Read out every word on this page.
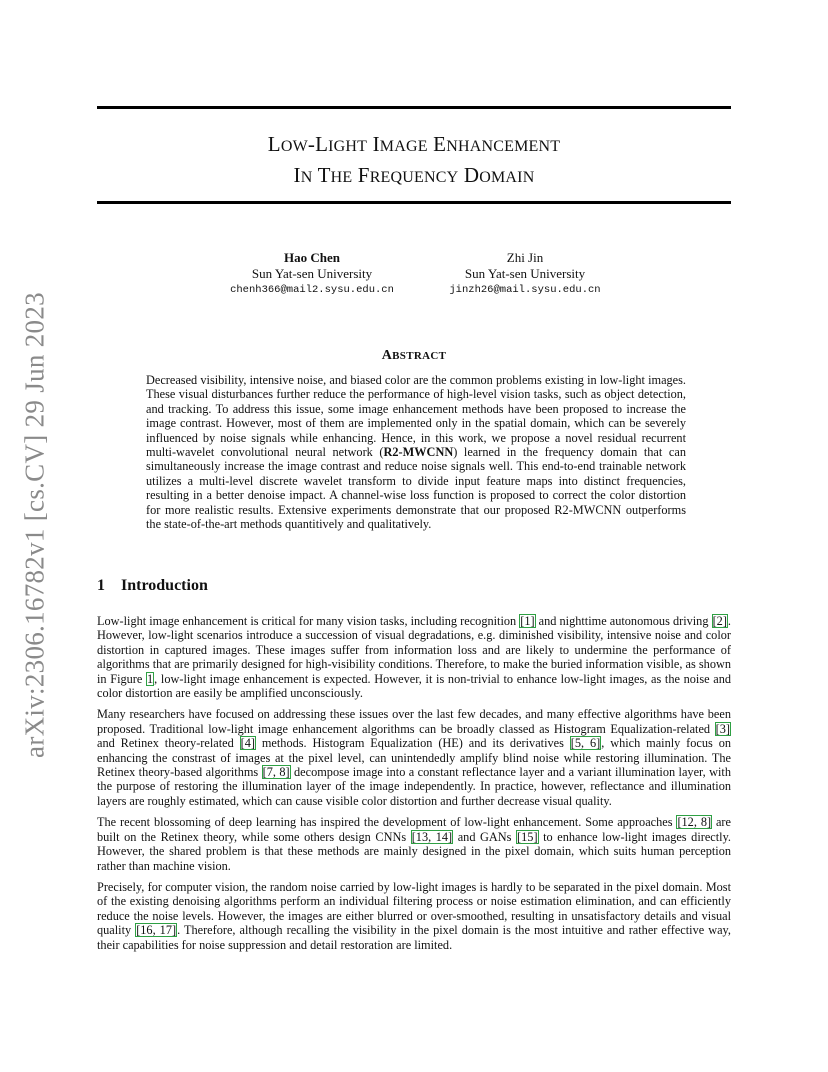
arXiv:2306.16782v1 [cs.CV] 29 Jun 2023
LOW-LIGHT IMAGE ENHANCEMENT
IN THE FREQUENCY DOMAIN
Hao Chen
Sun Yat-sen University
chenh366@mail2.sysu.edu.cn
Zhi Jin
Sun Yat-sen University
jinzh26@mail.sysu.edu.cn
ABSTRACT
Decreased visibility, intensive noise, and biased color are the common problems existing in low-light images. These visual disturbances further reduce the performance of high-level vision tasks, such as object detection, and tracking. To address this issue, some image enhancement methods have been proposed to increase the image contrast. However, most of them are implemented only in the spatial domain, which can be severely influenced by noise signals while enhancing. Hence, in this work, we propose a novel residual recurrent multi-wavelet convolutional neural network (R2-MWCNN) learned in the frequency domain that can simultaneously increase the image contrast and reduce noise signals well. This end-to-end trainable network utilizes a multi-level discrete wavelet transform to divide input feature maps into distinct frequencies, resulting in a better denoise impact. A channel-wise loss function is proposed to correct the color distortion for more realistic results. Extensive experiments demonstrate that our proposed R2-MWCNN outperforms the state-of-the-art methods quantitively and qualitatively.
1 Introduction

Low-light image enhancement is critical for many vision tasks, including recognition [1] and nighttime autonomous driving [2]. However, low-light scenarios introduce a succession of visual degradations, e.g. diminished visibility, intensive noise and color distortion in captured images. These images suffer from information loss and are likely to undermine the performance of algorithms that are primarily designed for high-visibility conditions. Therefore, to make the buried information visible, as shown in Figure 1, low-light image enhancement is expected. However, it is non-trivial to enhance low-light images, as the noise and color distortion are easily be amplified unconsciously.

Many researchers have focused on addressing these issues over the last few decades, and many effective algorithms have been proposed. Traditional low-light image enhancement algorithms can be broadly classed as Histogram Equalization-related [3] and Retinex theory-related [4] methods. Histogram Equalization (HE) and its derivatives [5, 6], which mainly focus on enhancing the constrast of images at the pixel level, can unintendedly amplify blind noise while restoring illumination. The Retinex theory-based algorithms [7, 8] decompose image into a constant reflectance layer and a variant illumination layer, with the purpose of restoring the illumination layer of the image independently. In practice, however, reflectance and illumination layers are roughly estimated, which can cause visible color distortion and further decrease visual quality.

The recent blossoming of deep learning has inspired the development of low-light enhancement. Some approaches [12, 8] are built on the Retinex theory, while some others design CNNs [13, 14] and GANs [15] to enhance low-light images directly. However, the shared problem is that these methods are mainly designed in the pixel domain, which suits human perception rather than machine vision.

Precisely, for computer vision, the random noise carried by low-light images is hardly to be separated in the pixel domain. Most of the existing denoising algorithms perform an individual filtering process or noise estimation elimination, and can efficiently reduce the noise levels. However, the images are either blurred or over-smoothed, resulting in unsatisfactory details and visual quality [16, 17]. Therefore, although recalling the visibility in the pixel domain is the most intuitive and rather effective way, their capabilities for noise suppression and detail restoration are limited.
